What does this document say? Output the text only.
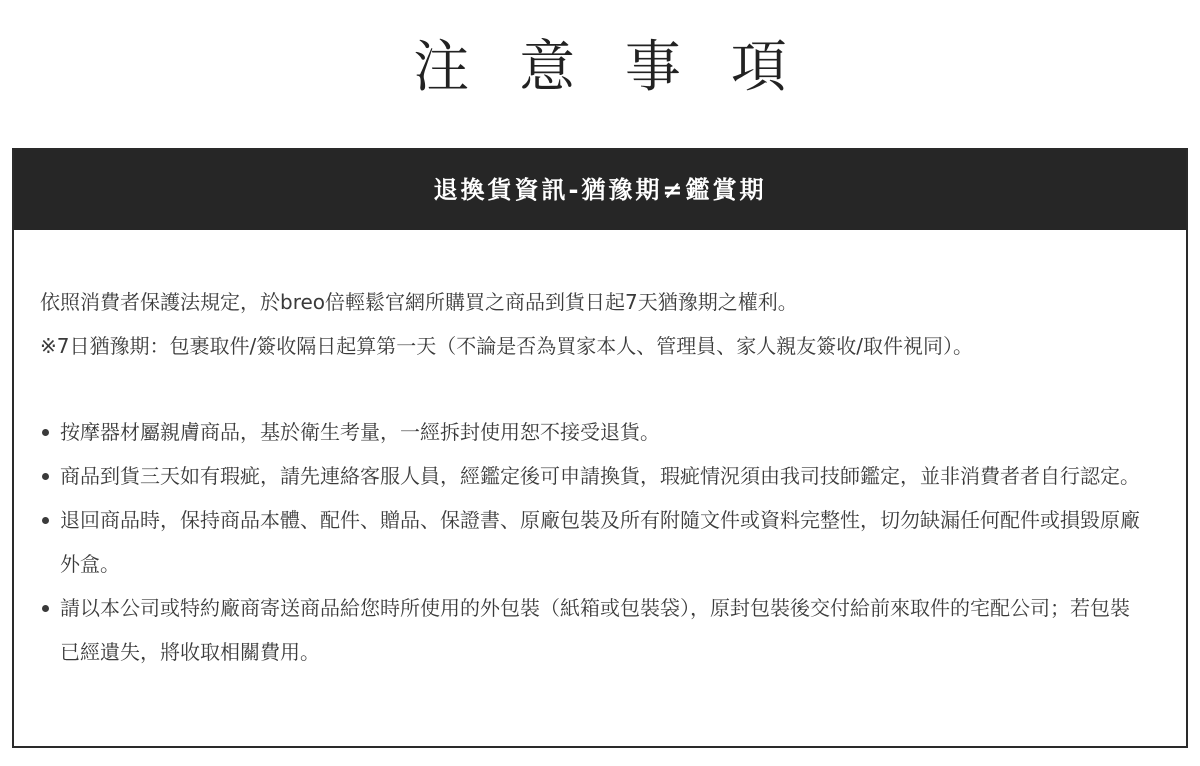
注 意 事 項
退換貨資訊-猶豫期≠鑑賞期
依照消費者保護法規定，於breo倍輕鬆官網所購買之商品到貨日起7天猶豫期之權利。
※7日猶豫期：包裹取件/簽收隔日起算第一天（不論是否為買家本人、管理員、家人親友簽收/取件視同）。
按摩器材屬親膚商品，基於衛生考量，一經拆封使用恕不接受退貨。
商品到貨三天如有瑕疵，請先連絡客服人員，經鑑定後可申請換貨，瑕疵情況須由我司技師鑑定，並非消費者者自行認定。
退回商品時，保持商品本體、配件、贈品、保證書、原廠包裝及所有附隨文件或資料完整性，切勿缺漏任何配件或損毀原廠外盒。
請以本公司或特約廠商寄送商品給您時所使用的外包裝（紙箱或包裝袋），原封包裝後交付給前來取件的宅配公司；若包裝已經遺失，將收取相關費用。
